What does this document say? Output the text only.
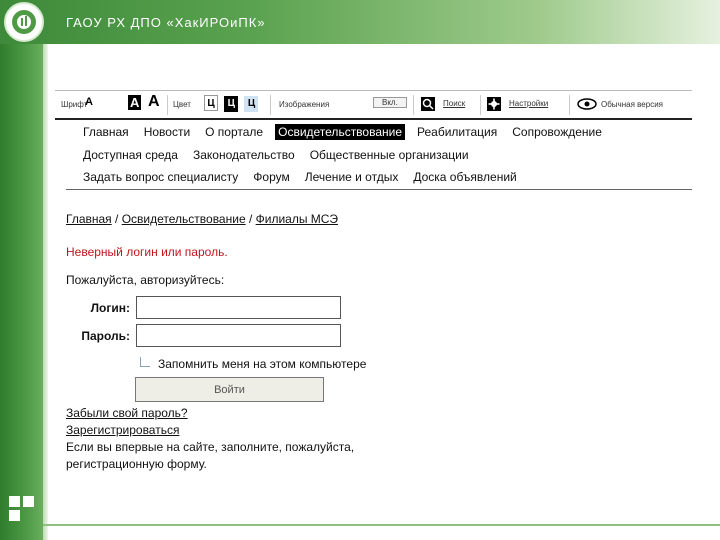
ГАОУ РХ ДПО «ХакИРОиПК»
Шрифт
А	А А Цвет	Ц Ц Ц	Изображения	Вкл.	Поиск	Настройки	Обычная версия
Главная Новости О портале Освидетельствование Реабилитация Сопровождение
Доступная среда Законодательство Общественные организации
Задать вопрос специалисту Форум Лечение и отдых Доска объявлений
Главная / Освидетельствование / Филиалы МСЭ
Неверный логин или пароль.
Пожалуйста, авторизуйтесь:
Логин:
Пароль:
Запомнить меня на этом компьютере
Войти
Забыли свой пароль?
Зарегистрироваться
Если вы впервые на сайте, заполните, пожалуйста,
регистрационную форму.
